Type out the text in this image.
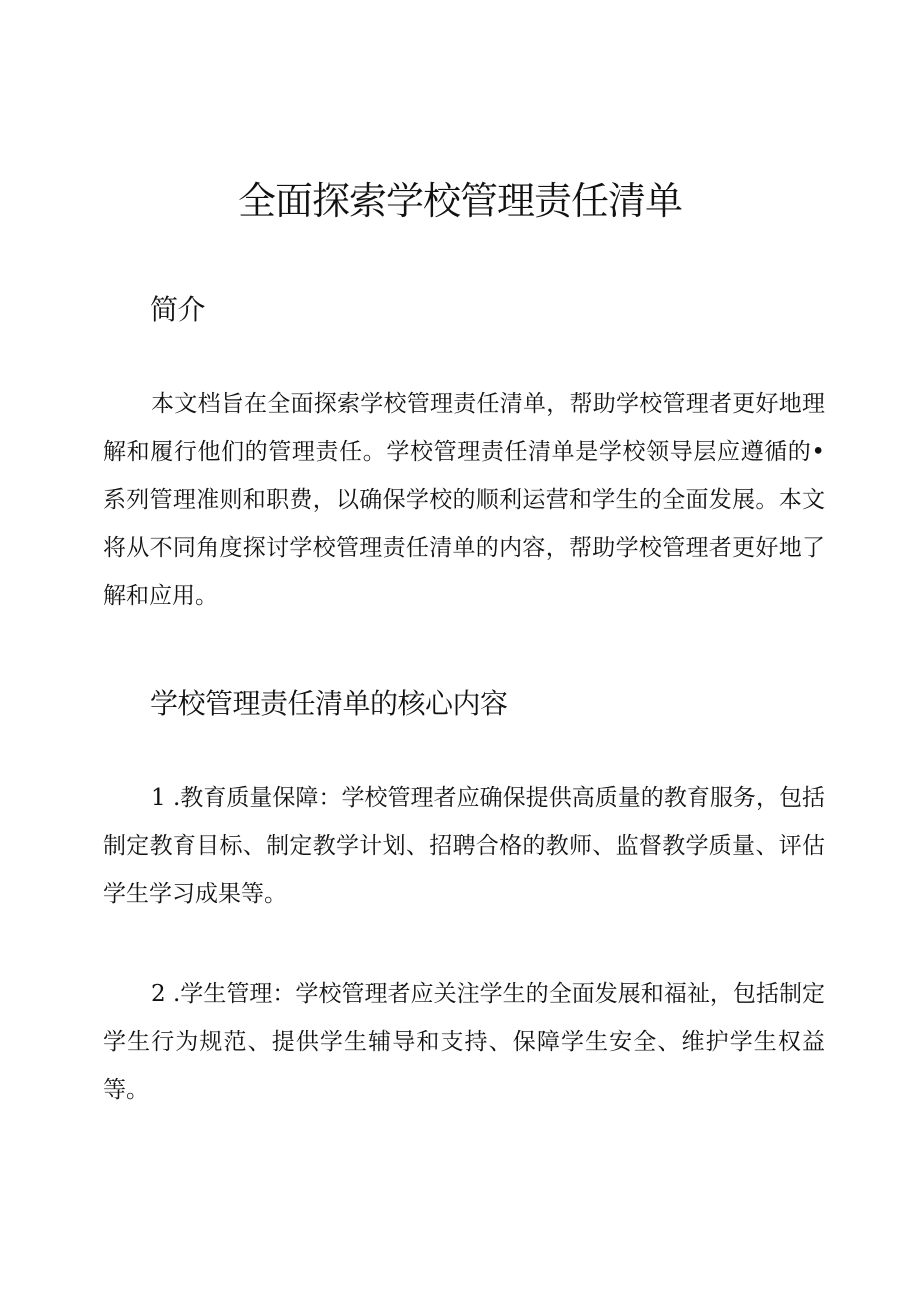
全面探索学校管理责任清单
简介

本文档旨在全面探索学校管理责任清单，帮助学校管理者更好地理解和履行他们的管理责任。学校管理责任清单是学校领导层应遵循的•系列管理准则和职费，以确保学校的顺利运营和学生的全面发展。本文将从不同角度探讨学校管理责任清单的内容，帮助学校管理者更好地了解和应用。

学校管理责任清单的核心内容

1 .教育质量保障：学校管理者应确保提供高质量的教育服务，包括制定教育目标、制定教学计划、招聘合格的教师、监督教学质量、评估学生学习成果等。

2 .学生管理：学校管理者应关注学生的全面发展和福祉，包括制定学生行为规范、提供学生辅导和支持、保障学生安全、维护学生权益等。
